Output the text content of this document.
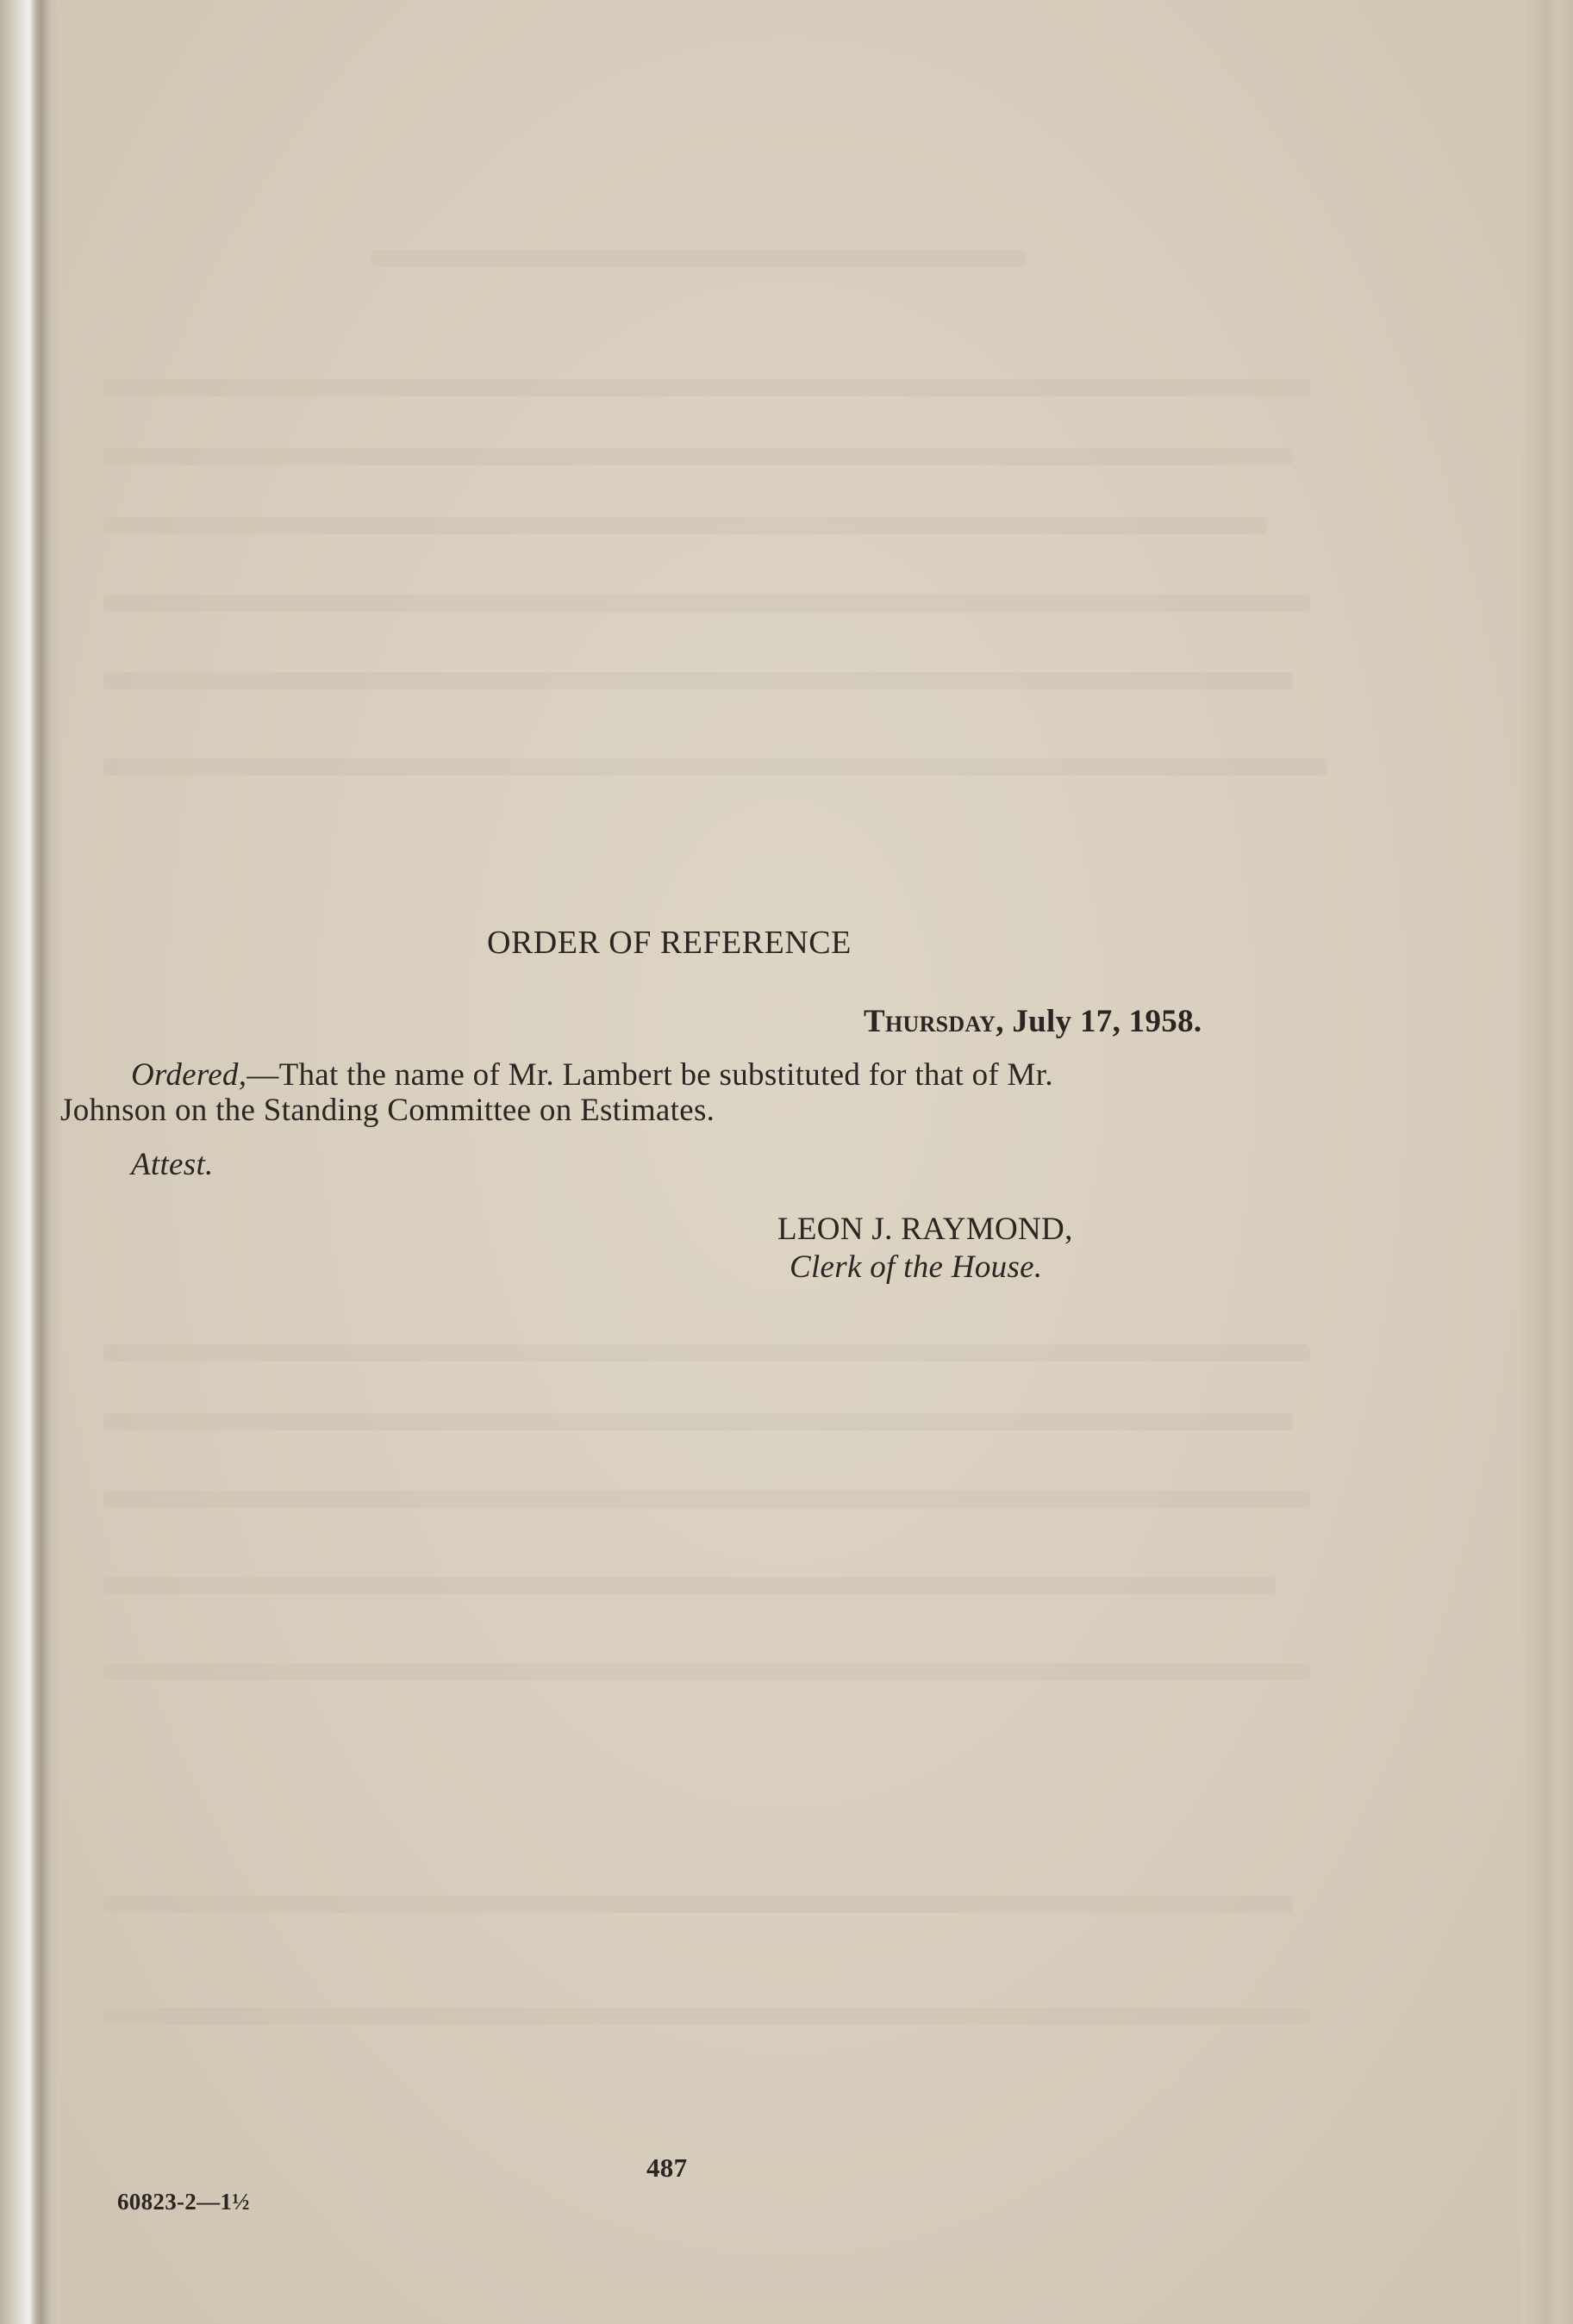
ORDER OF REFERENCE
Thursday, July 17, 1958.
Ordered,—That the name of Mr. Lambert be substituted for that of Mr.
Johnson on the Standing Committee on Estimates.
Attest.
LEON J. RAYMOND,
Clerk of the House.
487
60823-2—1½
